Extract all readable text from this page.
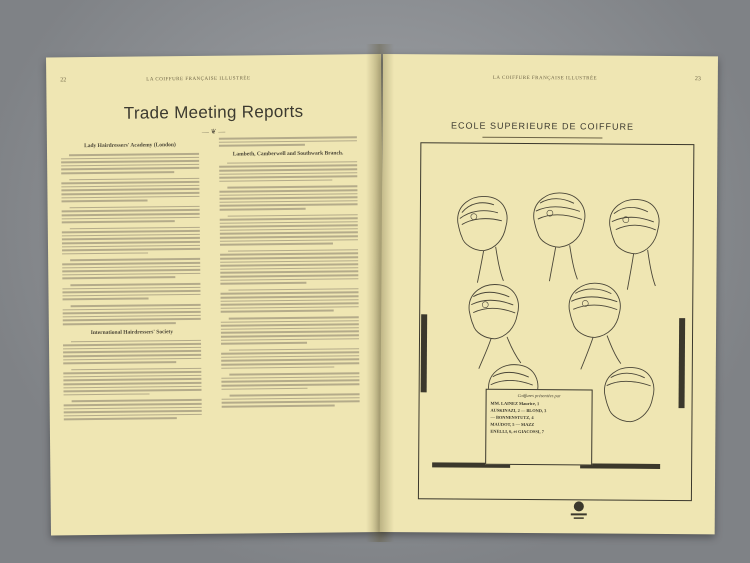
22	LA COIFFURE FRANÇAISE ILLUSTRÉE
Trade Meeting Reports
— ❦ —
Lady Hairdressers' Academy (London)
International Hairdressers' Society
Lambeth, Camberwell and Southwark Branch.
LA COIFFURE FRANÇAISE ILLUSTRÉE	23
ECOLE SUPERIEURE DE COIFFURE
Coiffures présentées par
MM. LAINEZ Maurice, 1
AUSKINAZI, 2 — BLOND, 3
— BONNENSTUTZ, 4
MAUDOT, 5 — MAZZ
ENELLI, 6, et GIACOSSI, 7
